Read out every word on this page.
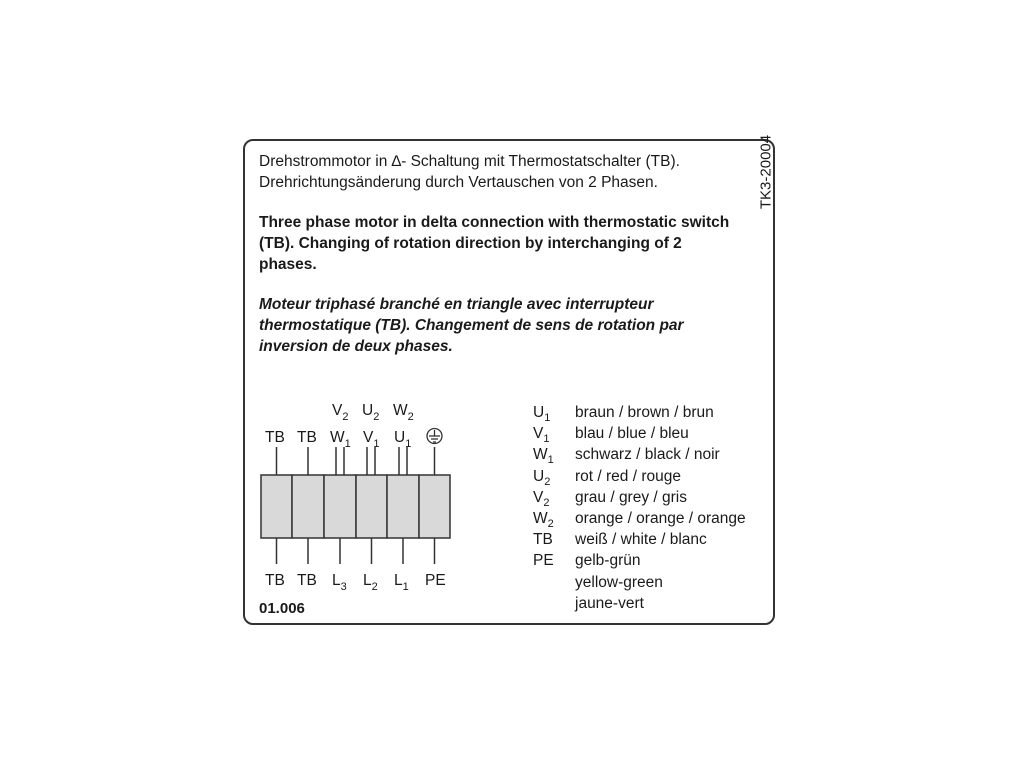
Drehstrommotor in ∆- Schaltung mit Thermostatschalter (TB). Drehrichtungsänderung durch Vertauschen von 2 Phasen.

Three phase motor in delta connection with thermostatic switch (TB). Changing of rotation direction by interchanging of 2 phases.

Moteur triphasé branché en triangle avec interrupteur thermostatique (TB). Changement de sens de rotation par inversion de deux phases.

TK3-20004
$V_2$ $U_2$ $W_2$
TB TB $W_1$ $V_1$ $U_1$
TB TB $L_3$ $L_2$ $L_1$ PE
$U_1$ braun / brown / brun
$V_1$ blau / blue / bleu
$W_1$ schwarz / black / noir
$U_2$ rot / red / rouge
$V_2$ grau / grey / gris
$W_2$ orange / orange / orange
TB weiß / white / blanc
PE gelb-grün
yellow-green
jaune-vert
01.006
